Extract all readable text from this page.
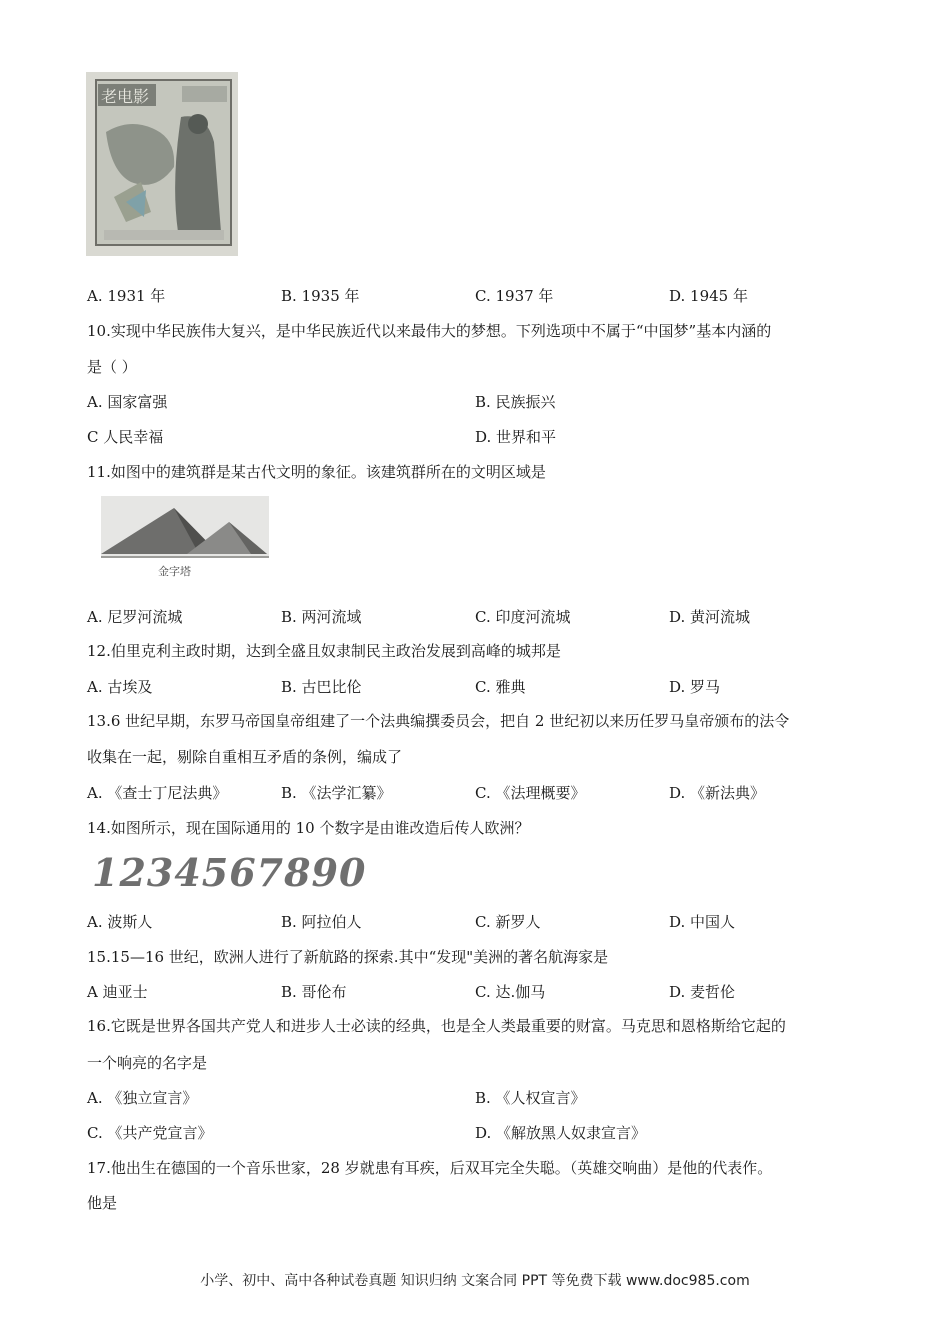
老电影
A. 1931 年	B. 1935 年	C. 1937 年	D. 1945 年
10.实现中华民族伟大复兴，是中华民族近代以来最伟大的梦想。下列选项中不属于“中国梦”基本内涵的
是（ ）
A. 国家富强	B. 民族振兴
C 人民幸福	D. 世界和平
11.如图中的建筑群是某古代文明的象征。该建筑群所在的文明区域是
金字塔
A. 尼罗河流城	B. 两河流域	C. 印度河流城	D. 黄河流城
12.伯里克利主政时期，达到全盛且奴隶制民主政治发展到高峰的城邦是
A. 古埃及	B. 古巴比伦	C. 雅典	D. 罗马
13.6 世纪早期，东罗马帝国皇帝组建了一个法典编撰委员会，把自 2 世纪初以来历任罗马皇帝颁布的法令
收集在一起，剔除自重相互矛盾的条例，编成了
A. 《查士丁尼法典》	B. 《法学汇纂》	C. 《法理概要》	D. 《新法典》
14.如图所示，现在国际通用的 10 个数字是由谁改造后传人欧洲？
1234567890
A. 波斯人	B. 阿拉伯人	C. 新罗人	D. 中国人
15.15—16 世纪，欧洲人进行了新航路的探索.其中“发现"美洲的著名航海家是
A 迪亚士	B. 哥伦布	C. 达.伽马	D. 麦哲伦
16.它既是世界各国共产党人和进步人士必读的经典，也是全人类最重要的财富。马克思和恩格斯给它起的
一个响亮的名字是
A. 《独立宣言》	B. 《人权宣言》
C. 《共产党宣言》	D. 《解放黑人奴隶宣言》
17.他出生在德国的一个音乐世家，28 岁就患有耳疾，后双耳完全失聪。（英雄交响曲）是他的代表作。
他是
小学、初中、高中各种试卷真题 知识归纳 文案合同 PPT 等免费下载 www.doc985.com
